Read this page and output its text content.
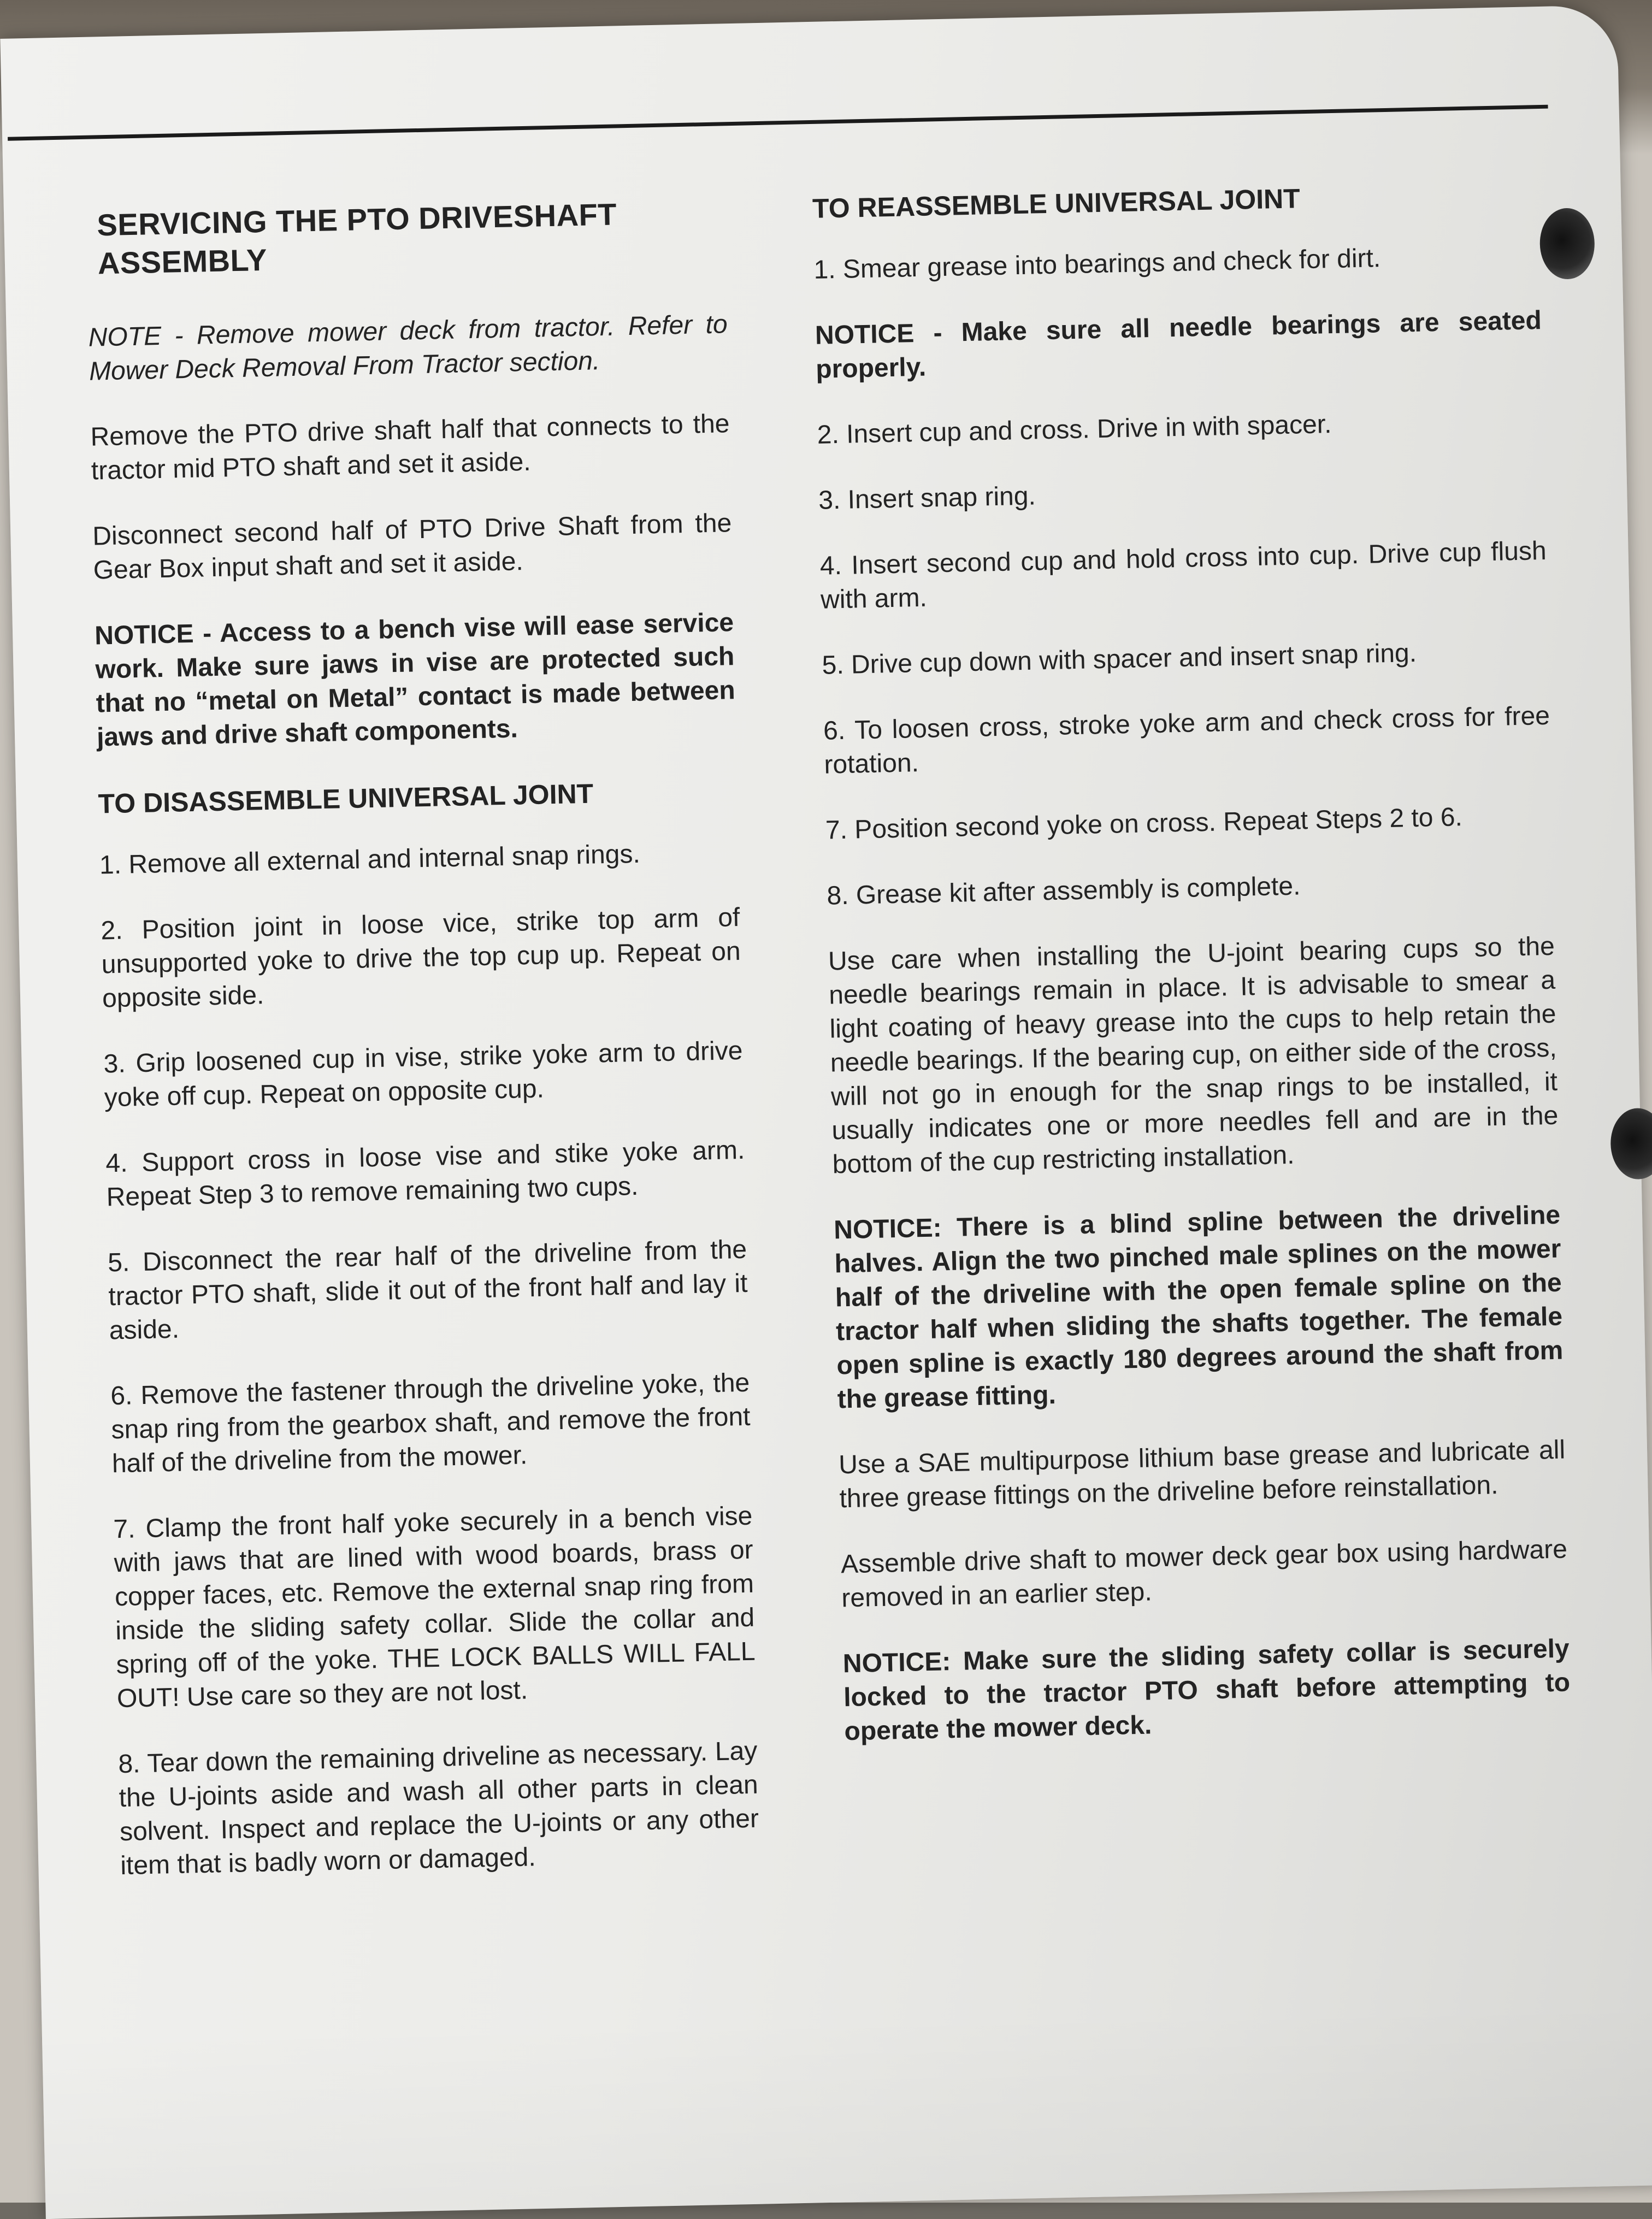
SERVICING THE PTO DRIVESHAFT ASSEMBLY

NOTE - Remove mower deck from tractor. Refer to Mower Deck Removal From Tractor section.

Remove the PTO drive shaft half that connects to the tractor mid PTO shaft and set it aside.

Disconnect second half of PTO Drive Shaft from the Gear Box input shaft and set it aside.

NOTICE - Access to a bench vise will ease service work. Make sure jaws in vise are protected such that no “metal on Metal” contact is made between jaws and drive shaft components.

TO DISASSEMBLE UNIVERSAL JOINT

1. Remove all external and internal snap rings.

2. Position joint in loose vice, strike top arm of unsupported yoke to drive the top cup up. Repeat on opposite side.

3. Grip loosened cup in vise, strike yoke arm to drive yoke off cup. Repeat on opposite cup.

4. Support cross in loose vise and stike yoke arm. Repeat Step 3 to remove remaining two cups.

5. Disconnect the rear half of the driveline from the tractor PTO shaft, slide it out of the front half and lay it aside.

6. Remove the fastener through the driveline yoke, the snap ring from the gearbox shaft, and remove the front half of the driveline from the mower.

7. Clamp the front half yoke securely in a bench vise with jaws that are lined with wood boards, brass or copper faces, etc. Remove the external snap ring from inside the sliding safety collar. Slide the collar and spring off of the yoke. THE LOCK BALLS WILL FALL OUT! Use care so they are not lost.

8. Tear down the remaining driveline as necessary. Lay the U-joints aside and wash all other parts in clean solvent. Inspect and replace the U-joints or any other item that is badly worn or damaged.

TO REASSEMBLE UNIVERSAL JOINT

1. Smear grease into bearings and check for dirt.

NOTICE - Make sure all needle bearings are seated properly.

2. Insert cup and cross. Drive in with spacer.

3. Insert snap ring.

4. Insert second cup and hold cross into cup. Drive cup flush with arm.

5. Drive cup down with spacer and insert snap ring.

6. To loosen cross, stroke yoke arm and check cross for free rotation.

7. Position second yoke on cross. Repeat Steps 2 to 6.

8. Grease kit after assembly is complete.

Use care when installing the U-joint bearing cups so the needle bearings remain in place. It is advisable to smear a light coating of heavy grease into the cups to help retain the needle bearings. If the bearing cup, on either side of the cross, will not go in enough for the snap rings to be installed, it usually indicates one or more needles fell and are in the bottom of the cup restricting installation.

NOTICE: There is a blind spline between the driveline halves. Align the two pinched male splines on the mower half of the driveline with the open female spline on the tractor half when sliding the shafts together. The female open spline is exactly 180 degrees around the shaft from the grease fitting.

Use a SAE multipurpose lithium base grease and lubricate all three grease fittings on the driveline before reinstallation.

Assemble drive shaft to mower deck gear box using hardware removed in an earlier step.

NOTICE: Make sure the sliding safety collar is securely locked to the tractor PTO shaft before attempting to operate the mower deck.
